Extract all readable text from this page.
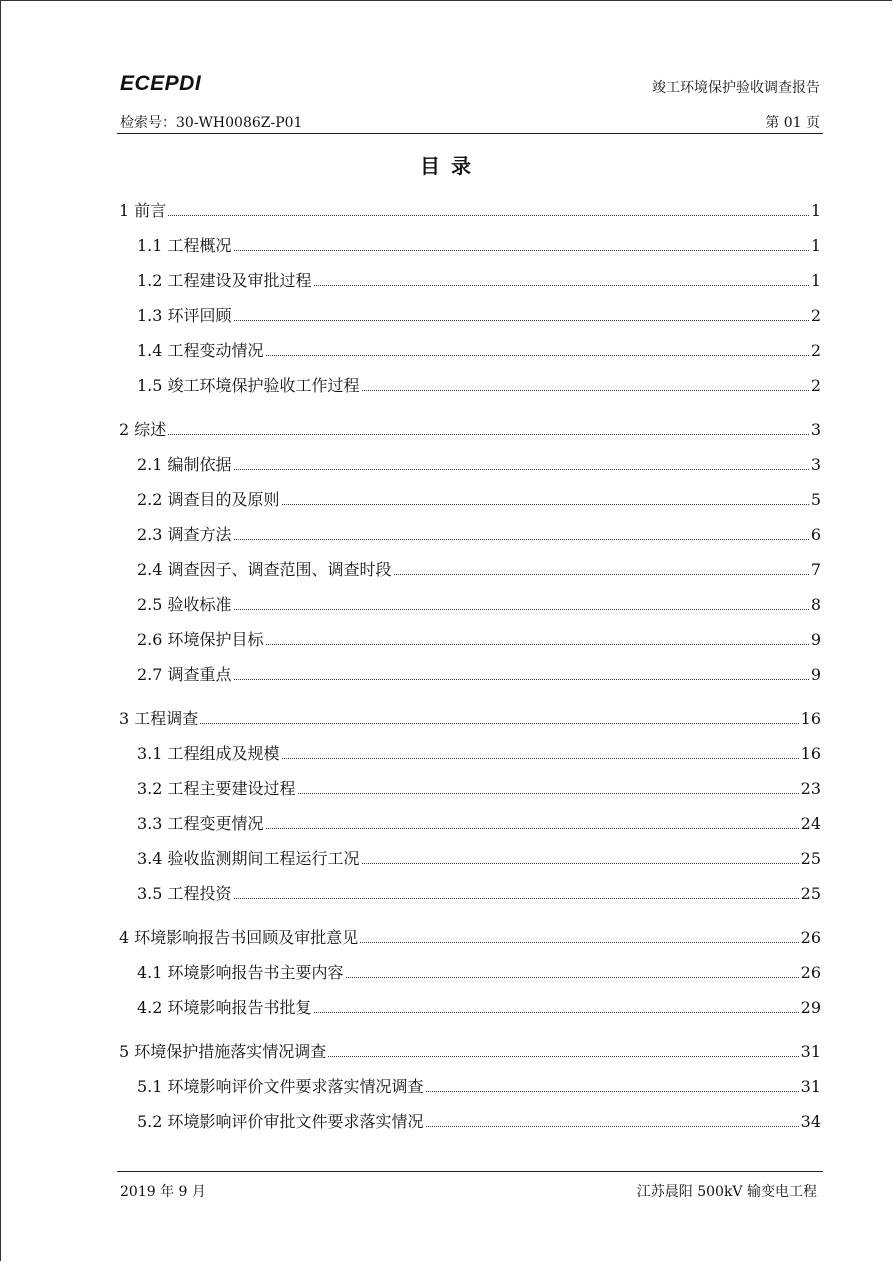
ECEPDI	竣工环境保护验收调查报告
检索号：30-WH0086Z-P01	第 01 页
目 录
1 前言	1
1.1 工程概况	1
1.2 工程建设及审批过程	1
1.3 环评回顾	2
1.4 工程变动情况	2
1.5 竣工环境保护验收工作过程	2
2 综述	3
2.1 编制依据	3
2.2 调查目的及原则	5
2.3 调查方法	6
2.4 调查因子、调查范围、调查时段	7
2.5 验收标准	8
2.6 环境保护目标	9
2.7 调查重点	9
3 工程调查	16
3.1 工程组成及规模	16
3.2 工程主要建设过程	23
3.3 工程变更情况	24
3.4 验收监测期间工程运行工况	25
3.5 工程投资	25
4 环境影响报告书回顾及审批意见	26
4.1 环境影响报告书主要内容	26
4.2 环境影响报告书批复	29
5 环境保护措施落实情况调查	31
5.1 环境影响评价文件要求落实情况调查	31
5.2 环境影响评价审批文件要求落实情况	34
2019 年 9 月	江苏晨阳 500kV 输变电工程
